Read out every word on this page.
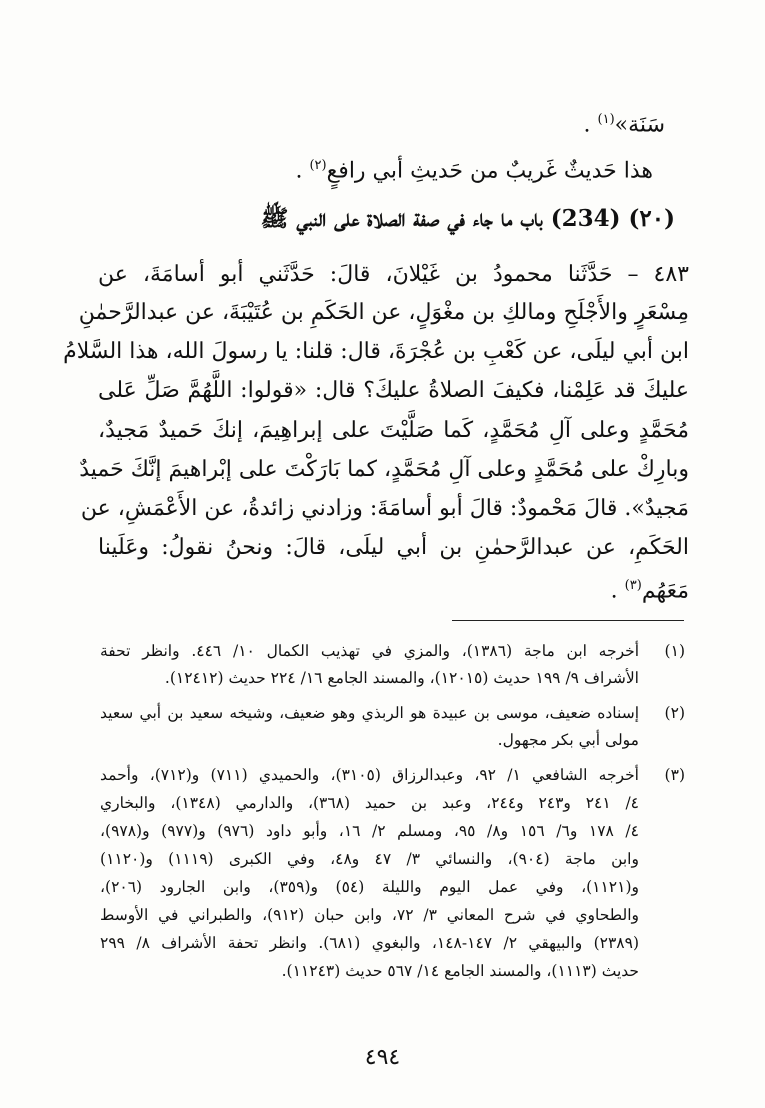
سَنَة»$^{(١)}$ .
هذا حَديثٌ غَريبٌ من حَديثِ أبي رافعٍ$^{(٢)}$ .
(٢٠) (234) باب ما جاء في صفة الصلاة على النبي ﷺ
٤٨٣ – حَدَّثَنا محمودُ بن غَيْلانَ، قالَ: حَدَّثَني أبو أسامَةَ، عن
مِسْعَرٍ والأَجْلَحِ ومالكِ بن مغْوَلٍ، عن الحَكَمِ بن عُتَيْبَةَ، عن عبدالرَّحمٰنِ
ابن أبي ليلَى، عن كَعْبِ بن عُجْرَةَ، قال: قلنا: يا رسولَ الله، هذا السَّلامُ
عليكَ قد عَلِمْنا، فكيفَ الصلاةُ عليكَ؟ قال: «قولوا: اللَّهُمَّ صَلِّ عَلى
مُحَمَّدٍ وعلى آلِ مُحَمَّدٍ، كَما صَلَّيْتَ على إبراهِيمَ، إنكَ حَميدٌ مَجيدٌ،
وبارِكْ على مُحَمَّدٍ وعلى آلِ مُحَمَّدٍ، كما بَارَكْتَ على إبْراهيمَ إنَّكَ حَميدٌ
مَجيدٌ». قالَ مَحْمودٌ: قالَ أبو أسامَةَ: وزادني زائدةُ، عن الأَعْمَشِ، عن
الحَكَمِ، عن عبدالرَّحمٰنِ بن أبي ليلَى، قالَ: ونحنُ نقولُ: وعَلَينا
مَعَهُم$^{(٣)}$ .
(١)
أخرجه ابن ماجة (١٣٨٦)، والمزي في تهذيب الكمال ١٠/ ٤٤٦. وانظر تحفة
الأشراف ٩/ ١٩٩ حديث (١٢٠١٥)، والمسند الجامع ١٦/ ٢٢٤ حديث (١٢٤١٢).
(٢)
إسناده ضعيف، موسى بن عبيدة هو الربذي وهو ضعيف، وشيخه سعيد بن أبي سعيد
مولى أبي بكر مجهول.
(٣)
أخرجه الشافعي ١/ ٩٢، وعبدالرزاق (٣١٠٥)، والحميدي (٧١١) و(٧١٢)، وأحمد
٤/ ٢٤١ و٢٤٣ و٢٤٤، وعبد بن حميد (٣٦٨)، والدارمي (١٣٤٨)، والبخاري
٤/ ١٧٨ و٦/ ١٥٦ و٨/ ٩٥، ومسلم ٢/ ١٦، وأبو داود (٩٧٦) و(٩٧٧) و(٩٧٨)،
وابن ماجة (٩٠٤)، والنسائي ٣/ ٤٧ و٤٨، وفي الكبرى (١١١٩) و(١١٢٠)
و(١١٢١)، وفي عمل اليوم والليلة (٥٤) و(٣٥٩)، وابن الجارود (٢٠٦)،
والطحاوي في شرح المعاني ٣/ ٧٢، وابن حبان (٩١٢)، والطبراني في الأوسط
(٢٣٨٩) والبيهقي ٢/ ١٤٧-١٤٨، والبغوي (٦٨١). وانظر تحفة الأشراف ٨/ ٢٩٩
حديث (١١١٣)، والمسند الجامع ١٤/ ٥٦٧ حديث (١١٢٤٣).
٤٩٤
